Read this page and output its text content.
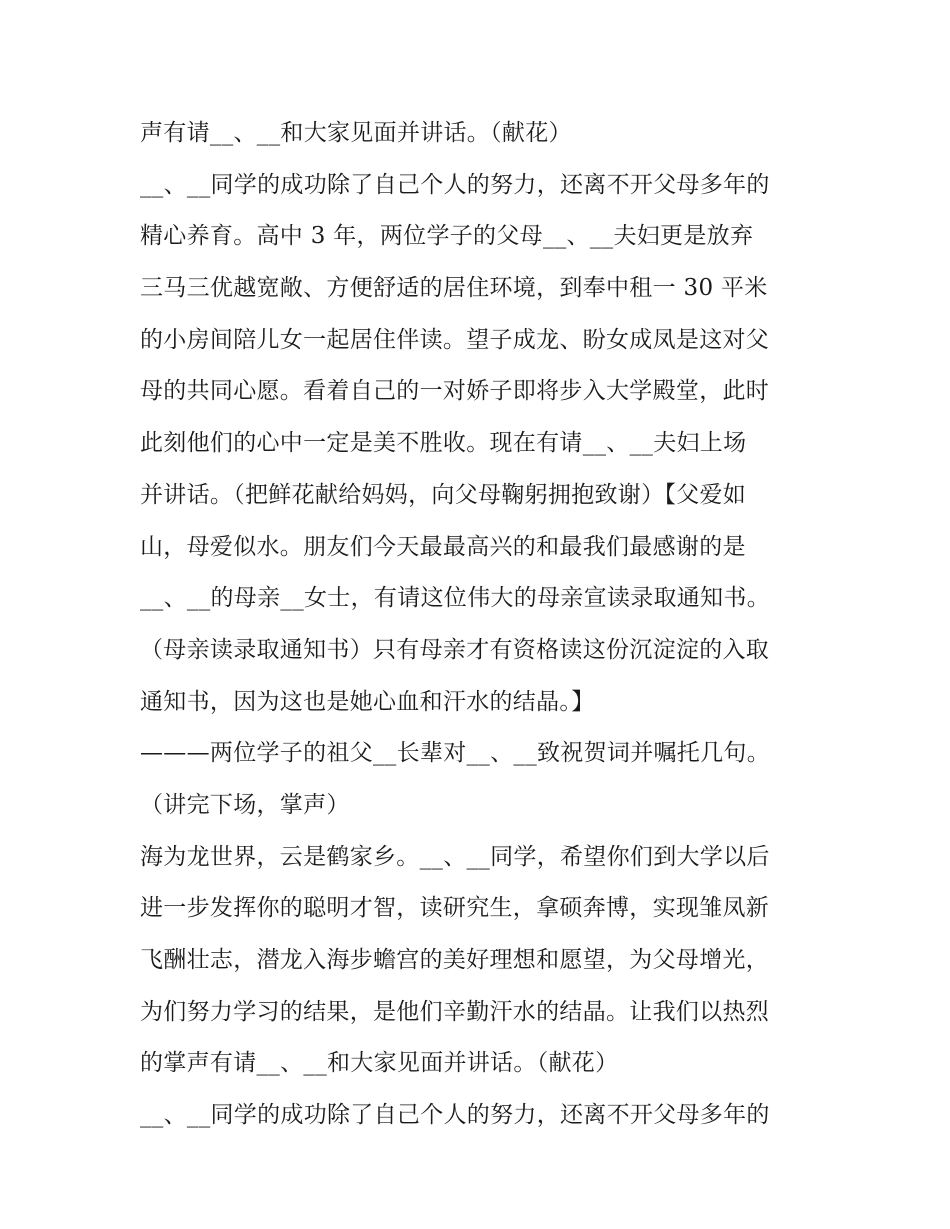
声有请__、__和大家见面并讲话。（献花）
__、__同学的成功除了自己个人的努力，还离不开父母多年的
精心养育。高中 3 年，两位学子的父母__、__夫妇更是放弃
三马三优越宽敞、方便舒适的居住环境，到奉中租一 30 平米
的小房间陪儿女一起居住伴读。望子成龙、盼女成凤是这对父
母的共同心愿。看着自己的一对娇子即将步入大学殿堂，此时
此刻他们的心中一定是美不胜收。现在有请__、__夫妇上场
并讲话。（把鲜花献给妈妈，向父母鞠躬拥抱致谢）【父爱如
山，母爱似水。朋友们今天最最高兴的和最我们最感谢的是
__、__的母亲__女士，有请这位伟大的母亲宣读录取通知书。
（母亲读录取通知书）只有母亲才有资格读这份沉淀淀的入取
通知书，因为这也是她心血和汗水的结晶。】
———两位学子的祖父__长辈对__、__致祝贺词并嘱托几句。
（讲完下场，掌声）
海为龙世界，云是鹤家乡。__、__同学，希望你们到大学以后
进一步发挥你的聪明才智，读研究生，拿硕奔博，实现雏凤新
飞酬壮志，潜龙入海步蟾宫的美好理想和愿望，为父母增光，
为们努力学习的结果，是他们辛勤汗水的结晶。让我们以热烈
的掌声有请__、__和大家见面并讲话。（献花）
__、__同学的成功除了自己个人的努力，还离不开父母多年的
